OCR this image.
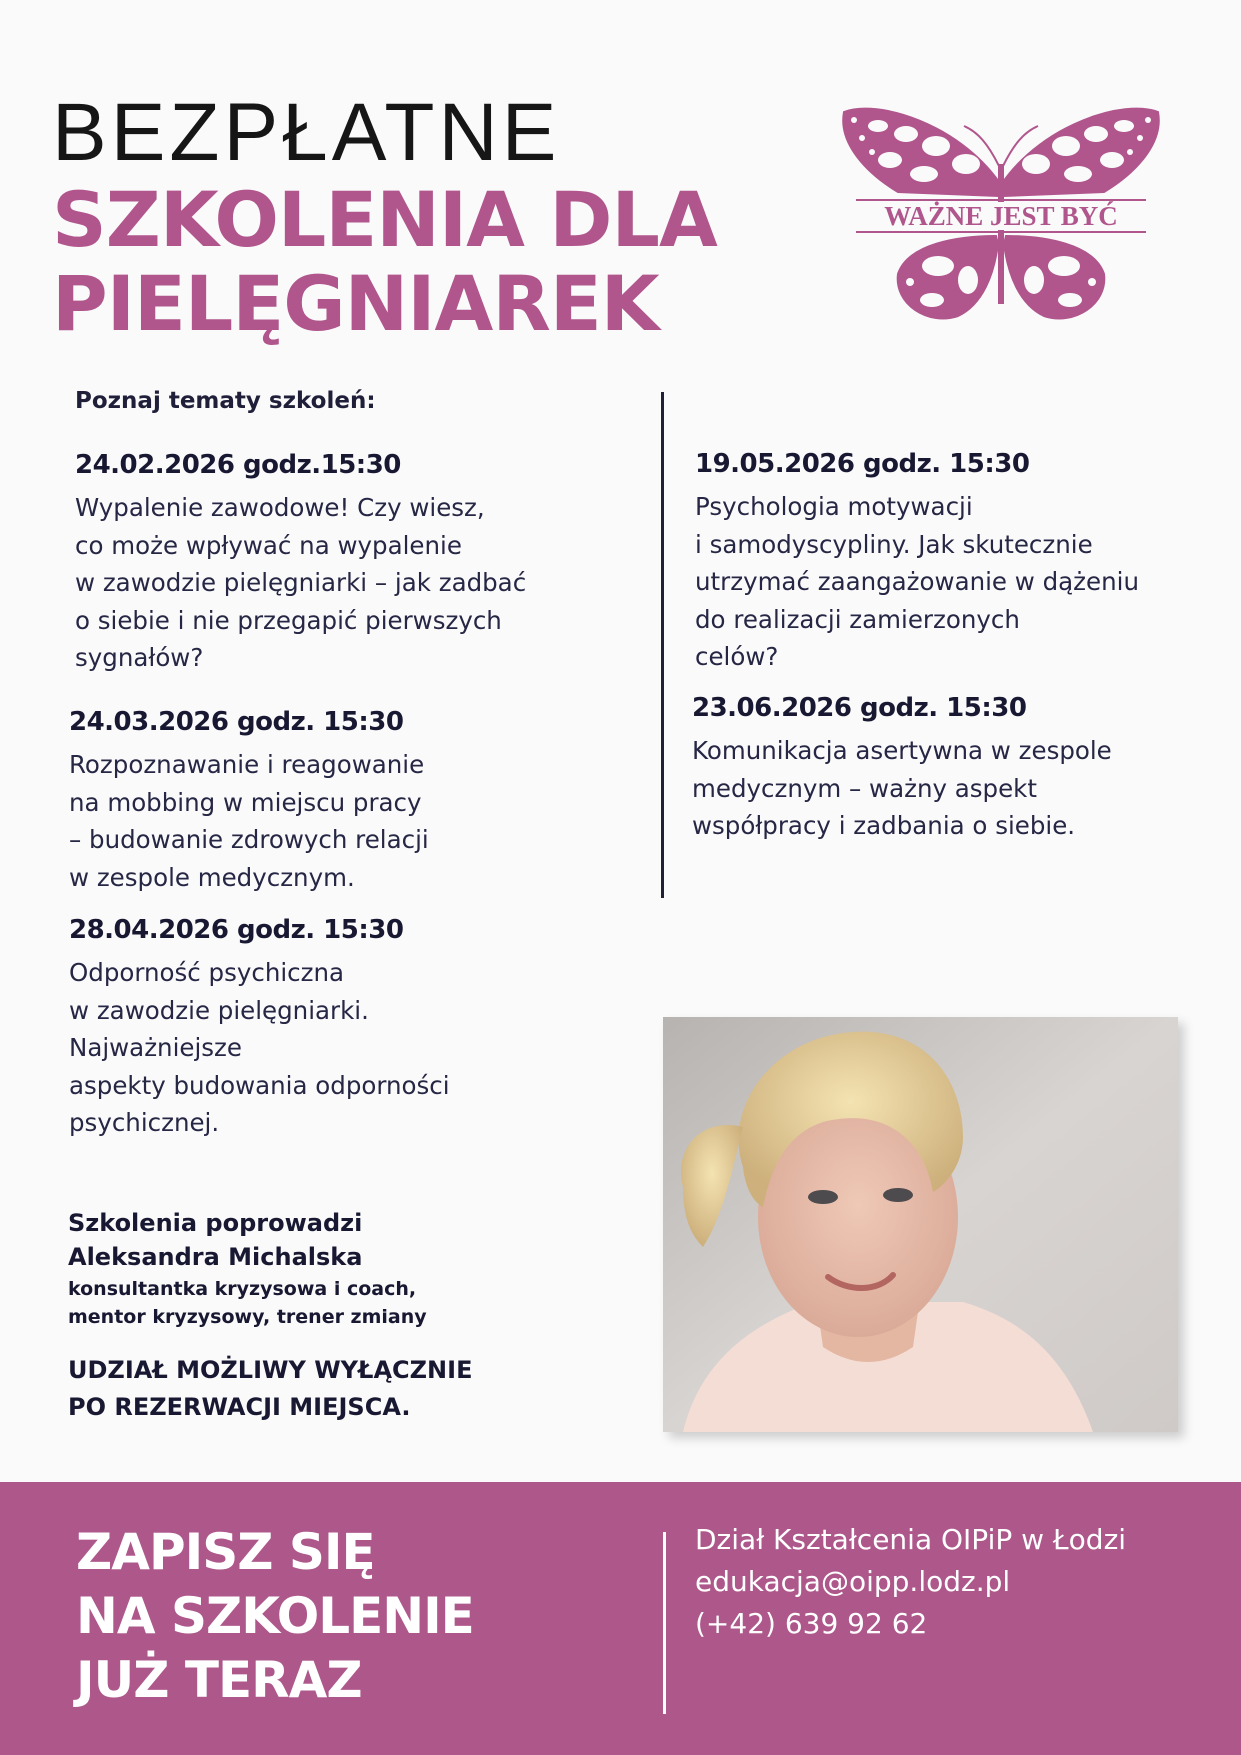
BEZPŁATNE
SZKOLENIA DLA
PIELĘGNIAREK
WAŻNE JEST BYĆ
Poznaj tematy szkoleń:
24.02.2026 godz.15:30
Wypalenie zawodowe! Czy wiesz,
co może wpływać na wypalenie
w zawodzie pielęgniarki – jak zadbać
o siebie i nie przegapić pierwszych
sygnałów?
24.03.2026 godz. 15:30
Rozpoznawanie i reagowanie
na mobbing w miejscu pracy
– budowanie zdrowych relacji
w zespole medycznym.
28.04.2026 godz. 15:30
Odporność psychiczna
w zawodzie pielęgniarki.
Najważniejsze
aspekty budowania odporności
psychicznej.
19.05.2026 godz. 15:30
Psychologia motywacji
i samodyscypliny. Jak skutecznie
utrzymać zaangażowanie w dążeniu
do realizacji zamierzonych
celów?
23.06.2026 godz. 15:30
Komunikacja asertywna w zespole
medycznym – ważny aspekt
współpracy i zadbania o siebie.
Szkolenia poprowadzi
Aleksandra Michalska
konsultantka kryzysowa i coach,
mentor kryzysowy, trener zmiany
UDZIAŁ MOŻLIWY WYŁĄCZNIE
PO REZERWACJI MIEJSCA.
ZAPISZ SIĘ
NA SZKOLENIE
JUŻ TERAZ
Dział Kształcenia OIPiP w Łodzi
edukacja@oipp.lodz.pl
(+42) 639 92 62
